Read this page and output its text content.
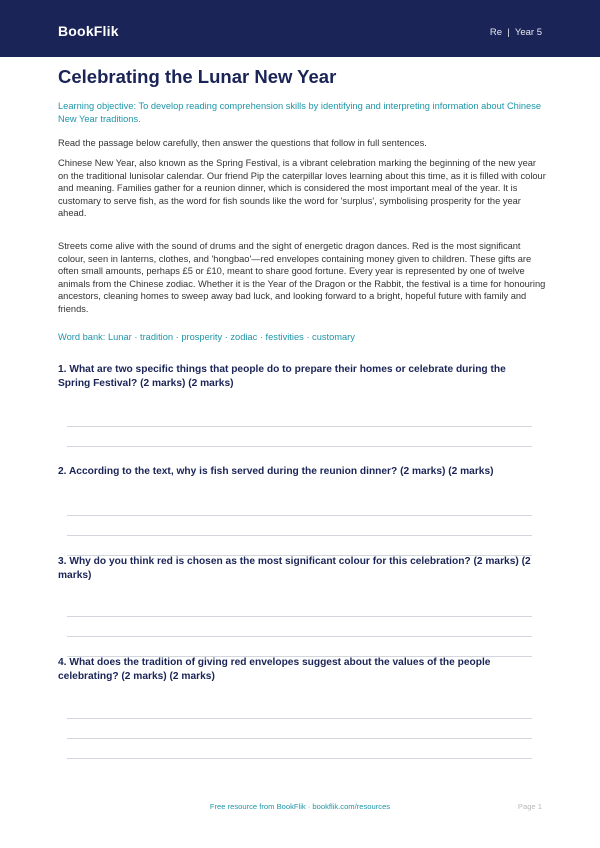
BookFlik	Re  |  Year 5
Celebrating the Lunar New Year

Learning objective: To develop reading comprehension skills by identifying and interpreting information about Chinese New Year traditions.

Read the passage below carefully, then answer the questions that follow in full sentences.

Chinese New Year, also known as the Spring Festival, is a vibrant celebration marking the beginning of the new year on the traditional lunisolar calendar. Our friend Pip the caterpillar loves learning about this time, as it is filled with colour and meaning. Families gather for a reunion dinner, which is considered the most important meal of the year. It is customary to serve fish, as the word for fish sounds like the word for 'surplus', symbolising prosperity for the year ahead.

Streets come alive with the sound of drums and the sight of energetic dragon dances. Red is the most significant colour, seen in lanterns, clothes, and 'hongbao'—red envelopes containing money given to children. These gifts are often small amounts, perhaps £5 or £10, meant to share good fortune. Every year is represented by one of twelve animals from the Chinese zodiac. Whether it is the Year of the Dragon or the Rabbit, the festival is a time for honouring ancestors, cleaning homes to sweep away bad luck, and looking forward to a bright, hopeful future with family and friends.

Word bank: Lunar · tradition · prosperity · zodiac · festivities · customary

1. What are two specific things that people do to prepare their homes or celebrate during the Spring Festival? (2 marks) (2 marks)

2. According to the text, why is fish served during the reunion dinner? (2 marks) (2 marks)

3. Why do you think red is chosen as the most significant colour for this celebration? (2 marks) (2 marks)

4. What does the tradition of giving red envelopes suggest about the values of the people celebrating? (2 marks) (2 marks)

Free resource from BookFlik · bookflik.com/resources	Page 1
